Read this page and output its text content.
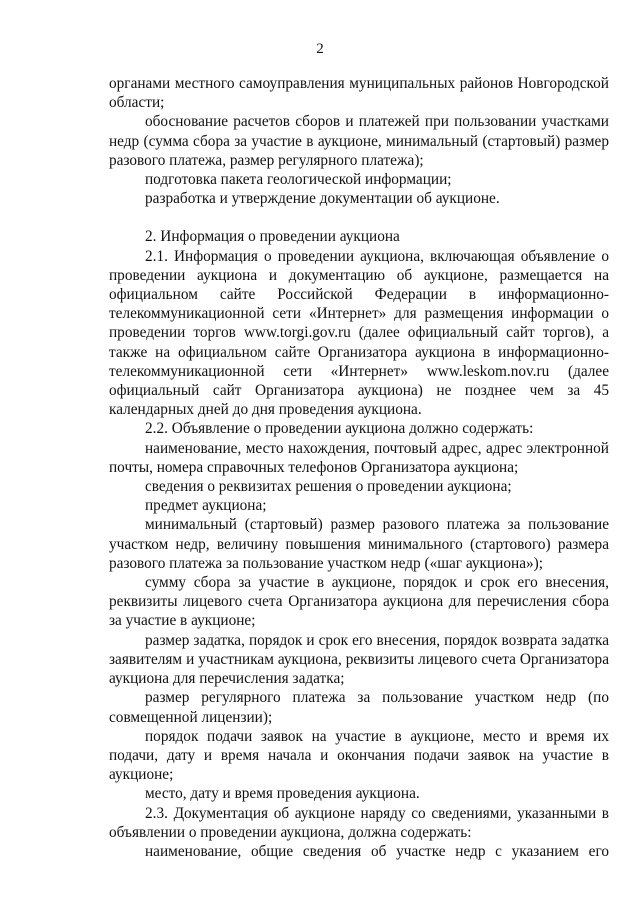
2

органами местного самоуправления муниципальных районов Новгородской области;

обоснование расчетов сборов и платежей при пользовании участками недр (сумма сбора за участие в аукционе, минимальный (стартовый) размер разового платежа, размер регулярного платежа);

подготовка пакета геологической информации;

разработка и утверждение документации об аукционе.

2. Информация о проведении аукциона

2.1. Информация о проведении аукциона, включающая объявление о проведении аукциона и документацию об аукционе, размещается на официальном сайте Российской Федерации в информационно-телекоммуникационной сети «Интернет» для размещения информации о проведении торгов www.torgi.gov.ru (далее официальный сайт торгов), а также на официальном сайте Организатора аукциона в информационно-телекоммуникационной сети «Интернет» www.leskom.nov.ru (далее официальный сайт Организатора аукциона) не позднее чем за 45 календарных дней до дня проведения аукциона.

2.2. Объявление о проведении аукциона должно содержать:

наименование, место нахождения, почтовый адрес, адрес электронной почты, номера справочных телефонов Организатора аукциона;

сведения о реквизитах решения о проведении аукциона;

предмет аукциона;

минимальный (стартовый) размер разового платежа за пользование участком недр, величину повышения минимального (стартового) размера разового платежа за пользование участком недр («шаг аукциона»);

сумму сбора за участие в аукционе, порядок и срок его внесения, реквизиты лицевого счета Организатора аукциона для перечисления сбора за участие в аукционе;

размер задатка, порядок и срок его внесения, порядок возврата задатка заявителям и участникам аукциона, реквизиты лицевого счета Организатора аукциона для перечисления задатка;

размер регулярного платежа за пользование участком недр (по совмещенной лицензии);

порядок подачи заявок на участие в аукционе, место и время их подачи, дату и время начала и окончания подачи заявок на участие в аукционе;

место, дату и время проведения аукциона.

2.3. Документация об аукционе наряду со сведениями, указанными в объявлении о проведении аукциона, должна содержать:

наименование, общие сведения об участке недр с указанием его
